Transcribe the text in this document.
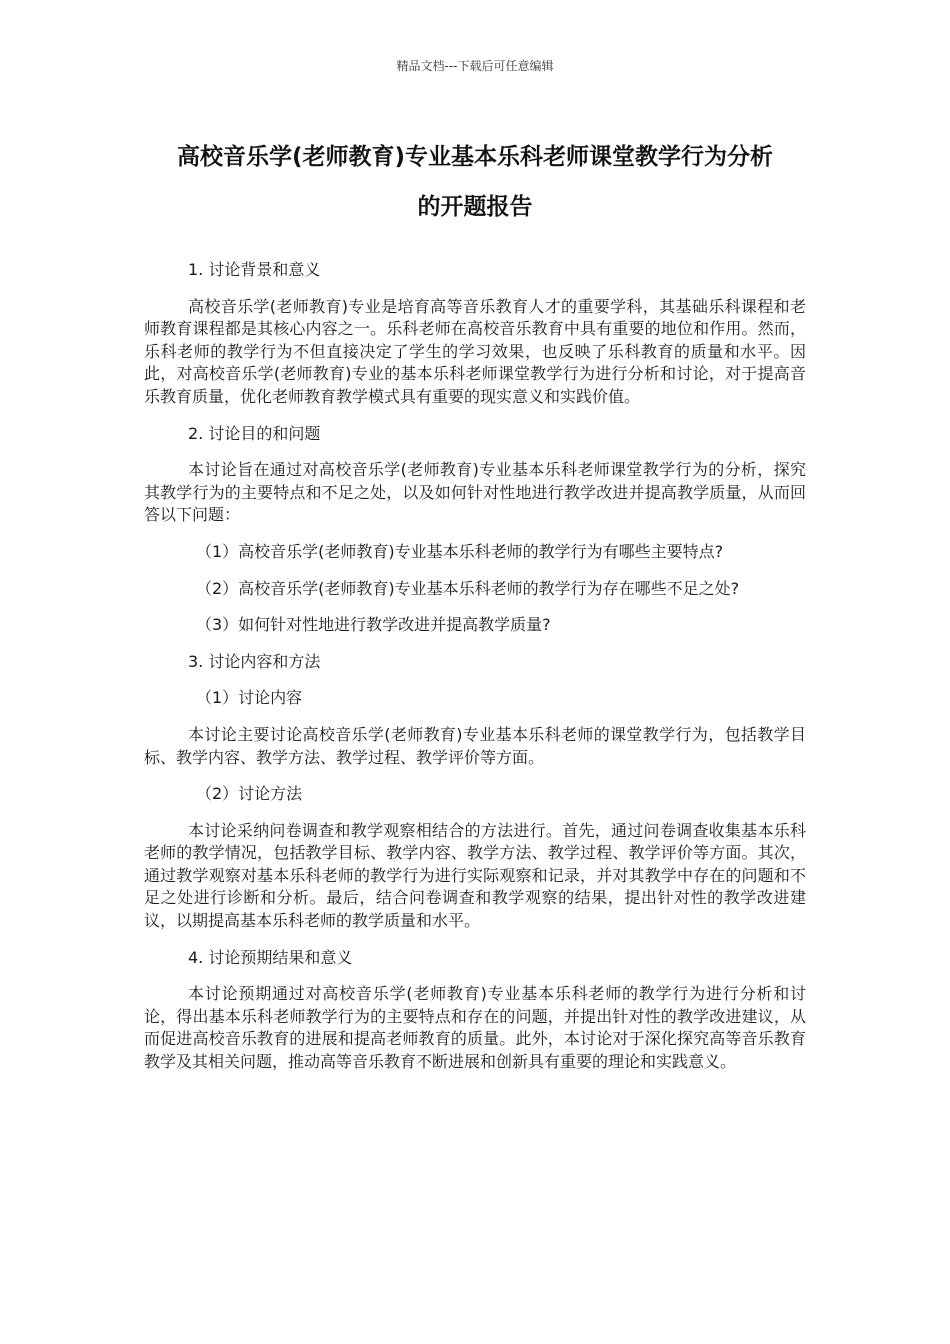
精品文档---下载后可任意编辑
高校音乐学(老师教育)专业基本乐科老师课堂教学行为分析
的开题报告

1. 讨论背景和意义

高校音乐学(老师教育)专业是培育高等音乐教育人才的重要学科，其基础乐科课程和老师教育课程都是其核心内容之一。乐科老师在高校音乐教育中具有重要的地位和作用。然而，乐科老师的教学行为不但直接决定了学生的学习效果，也反映了乐科教育的质量和水平。因此，对高校音乐学(老师教育)专业的基本乐科老师课堂教学行为进行分析和讨论，对于提高音乐教育质量，优化老师教育教学模式具有重要的现实意义和实践价值。

2. 讨论目的和问题

本讨论旨在通过对高校音乐学(老师教育)专业基本乐科老师课堂教学行为的分析，探究其教学行为的主要特点和不足之处，以及如何针对性地进行教学改进并提高教学质量，从而回答以下问题：

（1）高校音乐学(老师教育)专业基本乐科老师的教学行为有哪些主要特点?

（2）高校音乐学(老师教育)专业基本乐科老师的教学行为存在哪些不足之处?

（3）如何针对性地进行教学改进并提高教学质量?

3. 讨论内容和方法

（1）讨论内容

本讨论主要讨论高校音乐学(老师教育)专业基本乐科老师的课堂教学行为，包括教学目标、教学内容、教学方法、教学过程、教学评价等方面。

（2）讨论方法

本讨论采纳问卷调查和教学观察相结合的方法进行。首先，通过问卷调查收集基本乐科老师的教学情况，包括教学目标、教学内容、教学方法、教学过程、教学评价等方面。其次，通过教学观察对基本乐科老师的教学行为进行实际观察和记录，并对其教学中存在的问题和不足之处进行诊断和分析。最后，结合问卷调查和教学观察的结果，提出针对性的教学改进建议，以期提高基本乐科老师的教学质量和水平。

4. 讨论预期结果和意义

本讨论预期通过对高校音乐学(老师教育)专业基本乐科老师的教学行为进行分析和讨论，得出基本乐科老师教学行为的主要特点和存在的问题，并提出针对性的教学改进建议，从而促进高校音乐教育的进展和提高老师教育的质量。此外，本讨论对于深化探究高等音乐教育教学及其相关问题，推动高等音乐教育不断进展和创新具有重要的理论和实践意义。
